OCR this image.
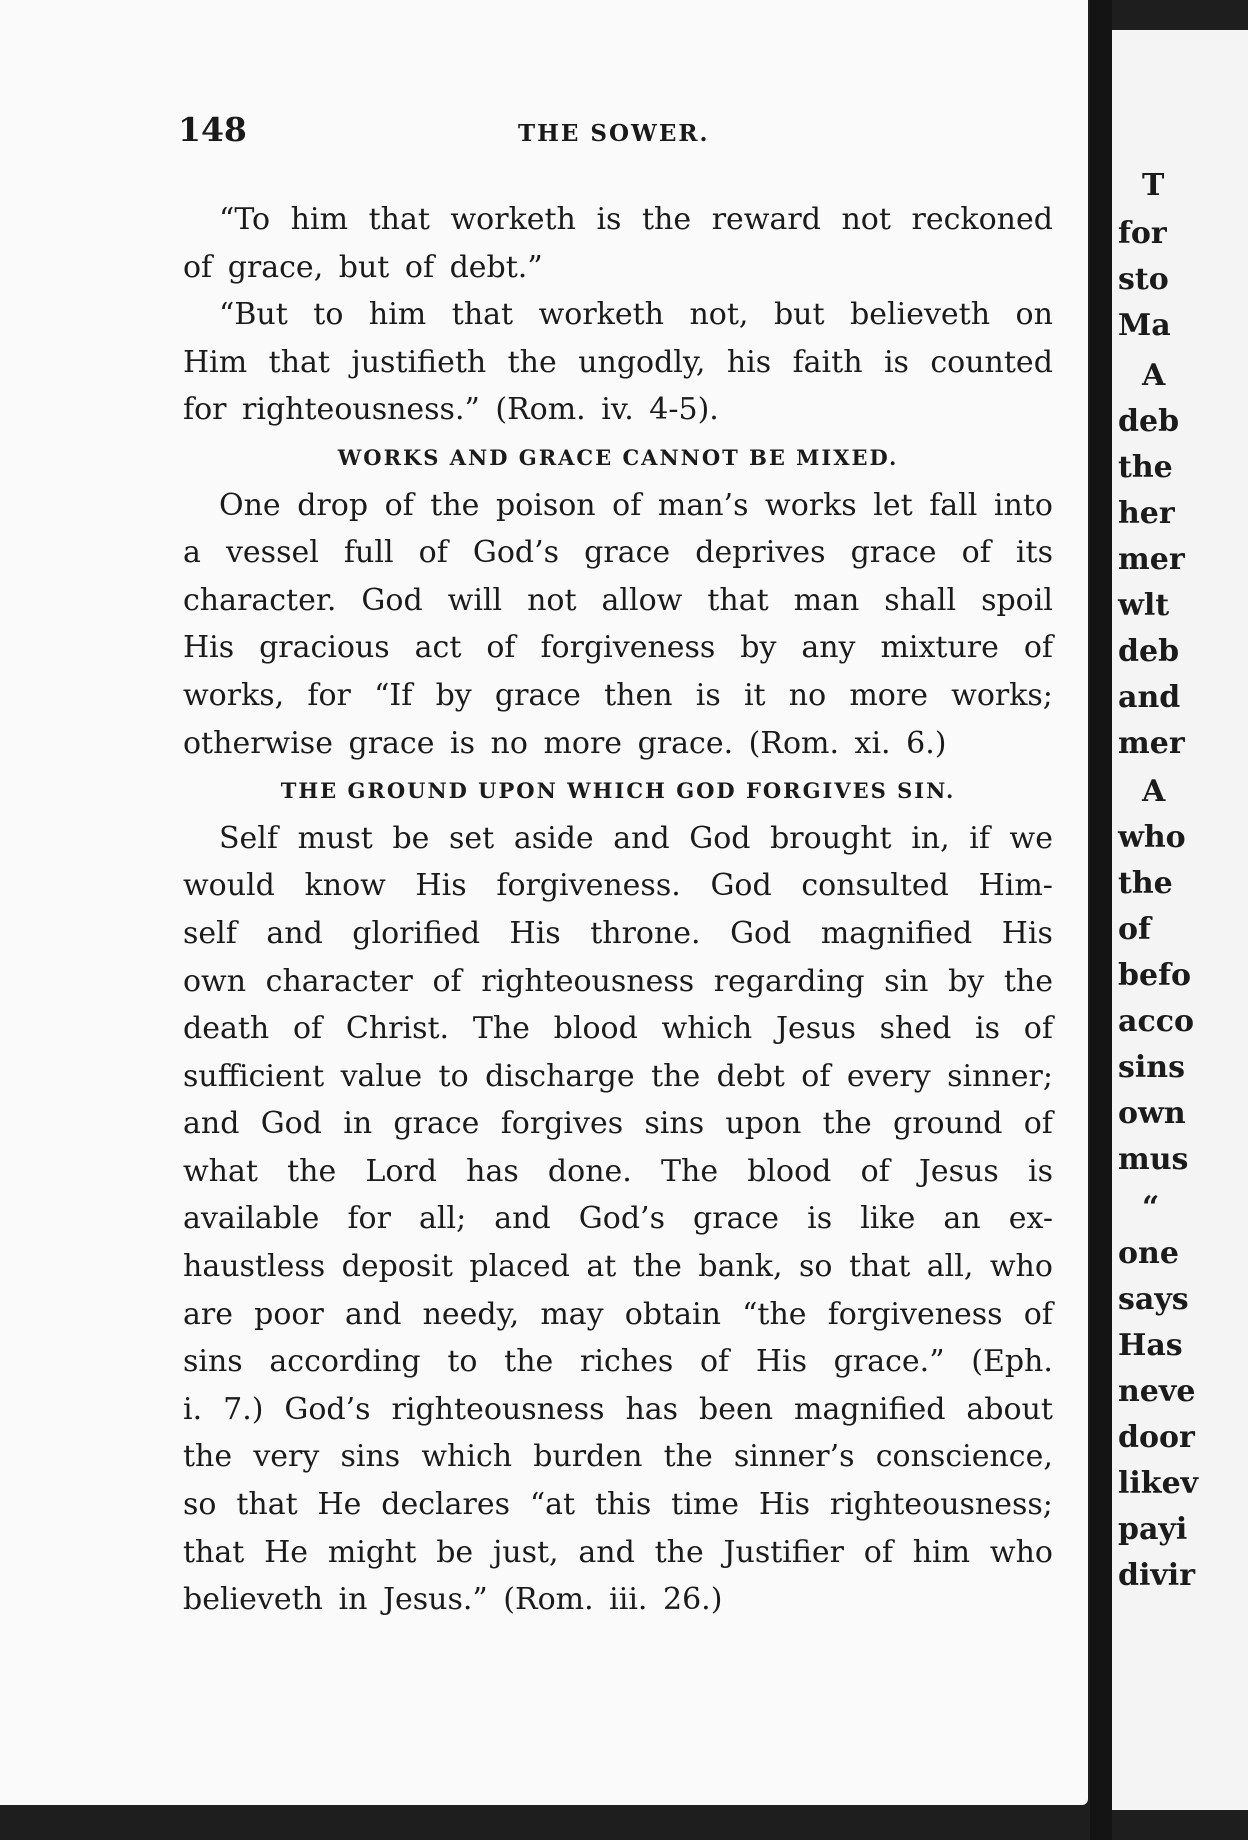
148	THE SOWER.
“To him that worketh is the reward not reckoned
of grace, but of debt.”
“But to him that worketh not, but believeth on
Him that justifieth the ungodly, his faith is counted
for righteousness.” (Rom. iv. 4-5).
WORKS AND GRACE CANNOT BE MIXED.
One drop of the poison of man’s works let fall into
a vessel full of God’s grace deprives grace of its
character. God will not allow that man shall spoil
His gracious act of forgiveness by any mixture of
works, for “If by grace then is it no more works;
otherwise grace is no more grace. (Rom. xi. 6.)
THE GROUND UPON WHICH GOD FORGIVES SIN.
Self must be set aside and God brought in, if we
would know His forgiveness. God consulted Him-
self and glorified His throne. God magnified His
own character of righteousness regarding sin by the
death of Christ. The blood which Jesus shed is of
sufficient value to discharge the debt of every sinner;
and God in grace forgives sins upon the ground of
what the Lord has done. The blood of Jesus is
available for all; and God’s grace is like an ex-
haustless deposit placed at the bank, so that all, who
are poor and needy, may obtain “the forgiveness of
sins according to the riches of His grace.” (Eph.
i. 7.) God’s righteousness has been magnified about
the very sins which burden the sinner’s conscience,
so that He declares “at this time His righteousness;
that He might be just, and the Justifier of him who
believeth in Jesus.” (Rom. iii. 26.)
T
for
sto
Ma
A
deb
the
her
mer
wlt
deb
and
mer
A
who
the
of
befo
acco
sins
own
mus
“
one
says
Has
neve
door
likev
payi
divir
